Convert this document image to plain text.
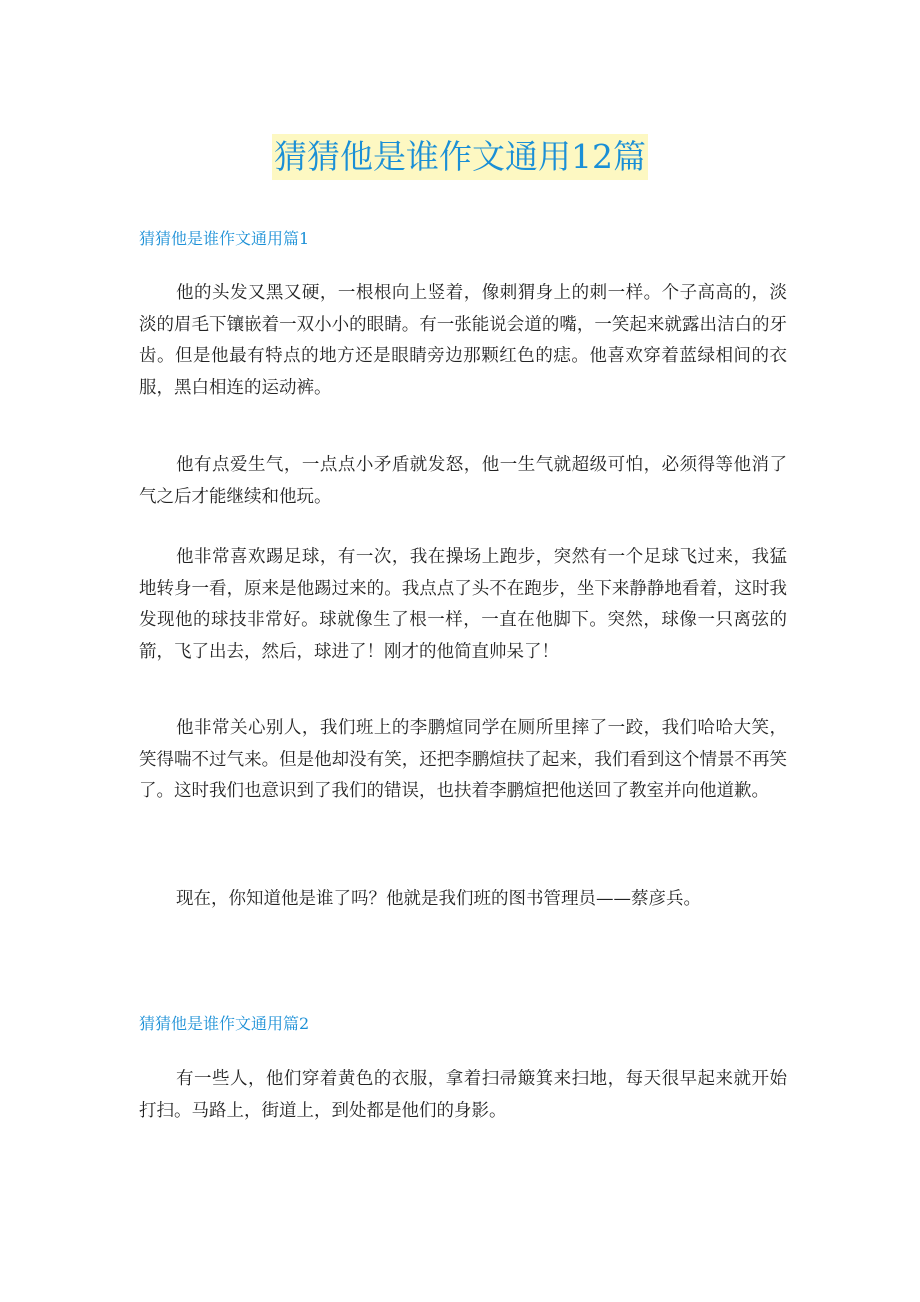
猜猜他是谁作文通用12篇
猜猜他是谁作文通用篇1

他的头发又黑又硬，一根根向上竖着，像刺猬身上的刺一样。个子高高的，淡淡的眉毛下镶嵌着一双小小的眼睛。有一张能说会道的嘴，一笑起来就露出洁白的牙齿。但是他最有特点的地方还是眼睛旁边那颗红色的痣。他喜欢穿着蓝绿相间的衣服，黑白相连的运动裤。

他有点爱生气，一点点小矛盾就发怒，他一生气就超级可怕，必须得等他消了气之后才能继续和他玩。

他非常喜欢踢足球，有一次，我在操场上跑步，突然有一个足球飞过来，我猛地转身一看，原来是他踢过来的。我点点了头不在跑步，坐下来静静地看着，这时我发现他的球技非常好。球就像生了根一样，一直在他脚下。突然，球像一只离弦的箭，飞了出去，然后，球进了！刚才的他简直帅呆了！

他非常关心别人，我们班上的李鹏煊同学在厕所里摔了一跤，我们哈哈大笑，笑得喘不过气来。但是他却没有笑，还把李鹏煊扶了起来，我们看到这个情景不再笑了。这时我们也意识到了我们的错误，也扶着李鹏煊把他送回了教室并向他道歉。

现在，你知道他是谁了吗？他就是我们班的图书管理员——蔡彦兵。

猜猜他是谁作文通用篇2

有一些人，他们穿着黄色的衣服，拿着扫帚簸箕来扫地，每天很早起来就开始打扫。马路上，街道上，到处都是他们的身影。
